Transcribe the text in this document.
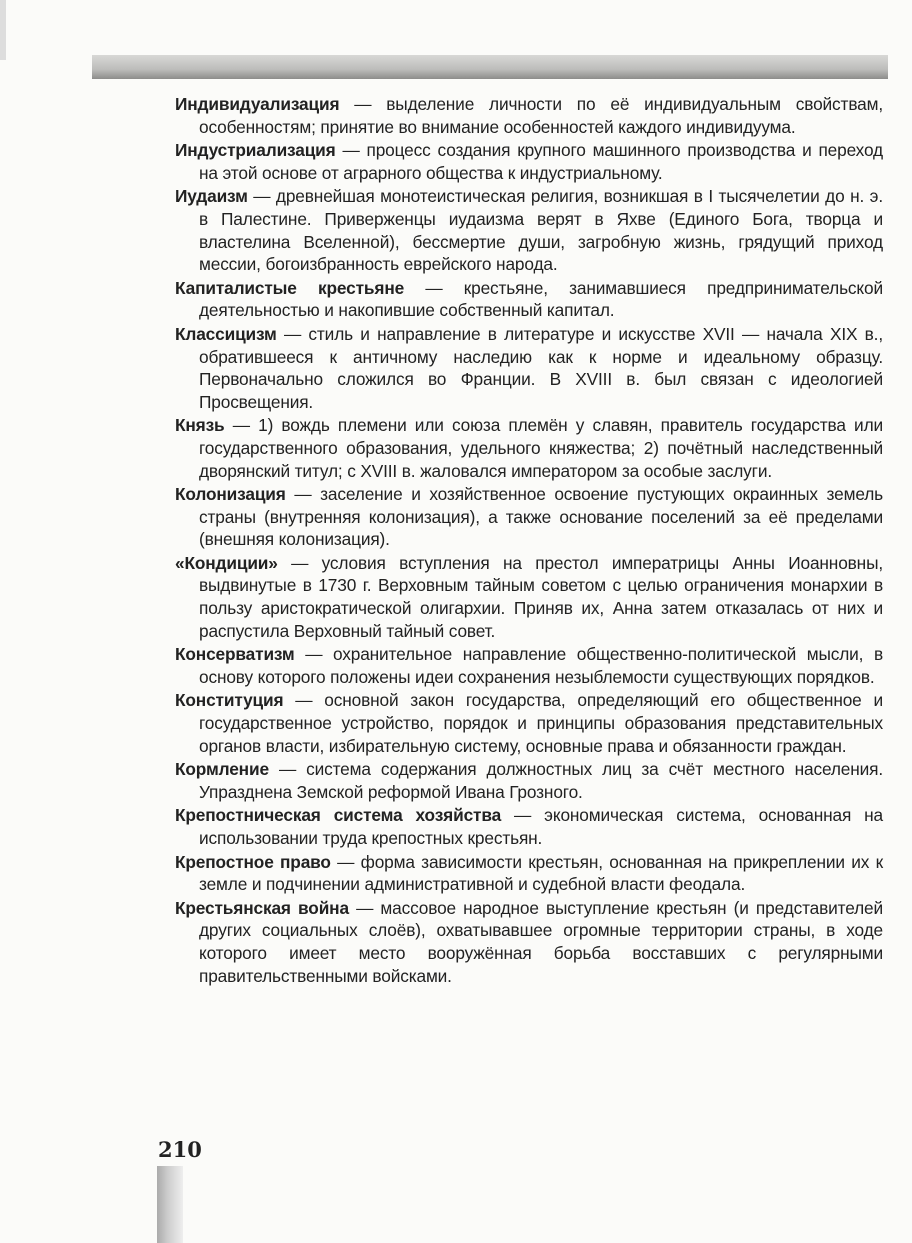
Индивидуализация — выделение личности по её индивидуальным свойствам, особенностям; принятие во внимание особенностей каждого индивидуума.

Индустриализация — процесс создания крупного машинного производства и переход на этой основе от аграрного общества к индустриальному.

Иудаизм — древнейшая монотеистическая религия, возникшая в I тысячелетии до н. э. в Палестине. Приверженцы иудаизма верят в Яхве (Единого Бога, творца и властелина Вселенной), бессмертие души, загробную жизнь, грядущий приход мессии, богоизбранность еврейского народа.

Капиталистые крестьяне — крестьяне, занимавшиеся предпринимательской деятельностью и накопившие собственный капитал.

Классицизм — стиль и направление в литературе и искусстве XVII — начала XIX в., обратившееся к античному наследию как к норме и идеальному образцу. Первоначально сложился во Франции. В XVIII в. был связан с идеологией Просвещения.

Князь — 1) вождь племени или союза племён у славян, правитель государства или государственного образования, удельного княжества; 2) почётный наследственный дворянский титул; с XVIII в. жаловался императором за особые заслуги.

Колонизация — заселение и хозяйственное освоение пустующих окраинных земель страны (внутренняя колонизация), а также основание поселений за её пределами (внешняя колонизация).

«Кондиции» — условия вступления на престол императрицы Анны Иоанновны, выдвинутые в 1730 г. Верховным тайным советом с целью ограничения монархии в пользу аристократической олигархии. Приняв их, Анна затем отказалась от них и распустила Верховный тайный совет.

Консерватизм — охранительное направление общественно-политической мысли, в основу которого положены идеи сохранения незыблемости существующих порядков.

Конституция — основной закон государства, определяющий его общественное и государственное устройство, порядок и принципы образования представительных органов власти, избирательную систему, основные права и обязанности граждан.

Кормление — система содержания должностных лиц за счёт местного населения. Упразднена Земской реформой Ивана Грозного.

Крепостническая система хозяйства — экономическая система, основанная на использовании труда крепостных крестьян.

Крепостное право — форма зависимости крестьян, основанная на прикреплении их к земле и подчинении административной и судебной власти феодала.

Крестьянская война — массовое народное выступление крестьян (и представителей других социальных слоёв), охватывавшее огромные территории страны, в ходе которого имеет место вооружённая борьба восставших с регулярными правительственными войсками.

210
